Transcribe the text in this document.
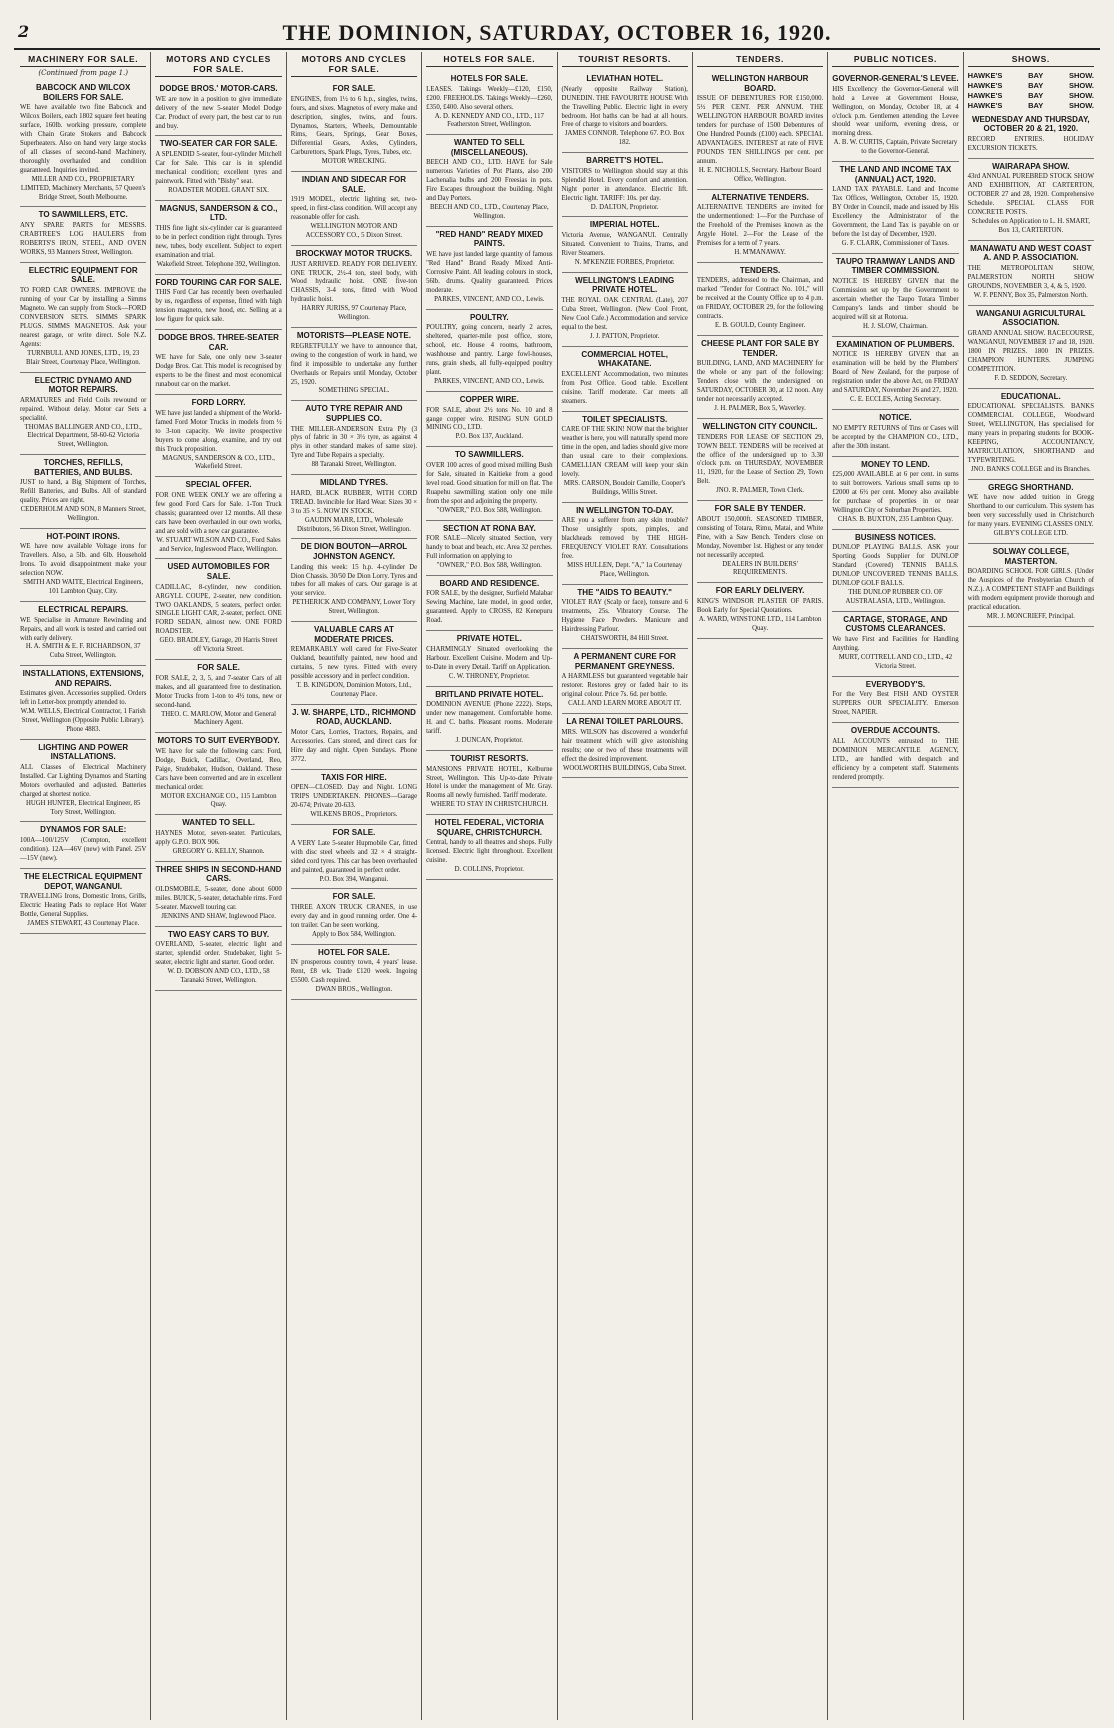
2	THE DOMINION, SATURDAY, OCTOBER 16, 1920.
MACHINERY FOR SALE.
(Continued from page 1.)
BABCOCK AND WILCOX BOILERS FOR SALE.

WE have available two fine Babcock and Wilcox Boilers, each 1802 square feet heating surface, 160lb. working pressure, complete with Chain Grate Stokers and Babcock Superheaters. Also on hand very large stocks of all classes of second-hand Machinery, thoroughly overhauled and condition guaranteed. Inquiries invited.

MILLER AND CO., PROPRIETARY LIMITED, Machinery Merchants, 57 Queen's Bridge Street, South Melbourne.
TO SAWMILLERS, ETC.

ANY SPARE PARTS for MESSRS. CRABTREE'S LOG HAULERS from ROBERTS'S IRON, STEEL, AND OVEN WORKS, 93 Manners Street, Wellington.

ELECTRIC EQUIPMENT FOR SALE.

TO FORD CAR OWNERS. IMPROVE the running of your Car by installing a Simms Magneto. We can supply from Stock—FORD CONVERSION SETS. SIMMS SPARK PLUGS. SIMMS MAGNETOS. Ask your nearest garage, or write direct. Sole N.Z. Agents:

TURNBULL AND JONES, LTD., 19, 23 Blair Street, Courtenay Place, Wellington.
ELECTRIC DYNAMO AND MOTOR REPAIRS.

ARMATURES and Field Coils rewound or repaired. Without delay. Motor car Sets a specialité.

THOMAS BALLINGER AND CO., LTD., Electrical Department, 58-60-62 Victoria Street, Wellington.
TORCHES, REFILLS, BATTERIES, AND BULBS.

JUST to hand, a Big Shipment of Torches, Refill Batteries, and Bulbs. All of standard quality. Prices are right.

CEDERHOLM AND SON, 8 Manners Street, Wellington.
HOT-POINT IRONS.

WE have now available Voltage irons for Travellers. Also, a 5lb. and 6lb. Household Irons. To avoid disappointment make your selection NOW.

SMITH AND WAITE, Electrical Engineers, 101 Lambton Quay, City.
ELECTRICAL REPAIRS.

WE Specialise in Armature Rewinding and Repairs, and all work is tested and carried out with early delivery.

H. A. SMITH & E. F. RICHARDSON, 37 Cuba Street, Wellington.
INSTALLATIONS, EXTENSIONS, AND REPAIRS.

Estimates given. Accessories supplied. Orders left in Letter-box promptly attended to.

W.M. WELLS, Electrical Contractor, 1 Farish Street, Wellington (Opposite Public Library). Phone 4883.
LIGHTING AND POWER INSTALLATIONS.

ALL Classes of Electrical Machinery Installed. Car Lighting Dynamos and Starting Motors overhauled and adjusted. Batteries charged at shortest notice.

HUGH HUNTER, Electrical Engineer, 85 Tory Street, Wellington.
DYNAMOS FOR SALE:

100A—100/125V (Compton, excellent condition). 12A—46V (new) with Panel. 25V—15V (new).

THE ELECTRICAL EQUIPMENT DEPOT, WANGANUI.

TRAVELLING Irons, Domestic Irons, Grills, Electric Heating Pads to replace Hot Water Bottle, General Supplies.

JAMES STEWART, 43 Courtenay Place.
MOTORS AND CYCLES FOR SALE.
DODGE BROS.' MOTOR-CARS.

WE are now in a position to give immediate delivery of the new 5-seater Model Dodge Car. Product of every part, the best car to run and buy.

TWO-SEATER CAR FOR SALE.

A SPLENDID 5-seater, four-cylinder Mitchell Car for Sale. This car is in splendid mechanical condition; excellent tyres and paintwork. Fitted with "Bishy" seat.

ROADSTER MODEL GRANT SIX.
MAGNUS, SANDERSON & CO., LTD.

THIS fine light six-cylinder car is guaranteed to be in perfect condition right through. Tyres new, tubes, body excellent. Subject to expert examination and trial.

Wakefield Street. Telephone 392, Wellington.
FORD TOURING CAR FOR SALE.

THIS Ford Car has recently been overhauled by us, regardless of expense, fitted with high tension magneto, new hood, etc. Selling at a low figure for quick sale.

DODGE BROS. THREE-SEATER CAR.

WE have for Sale, one only new 3-seater Dodge Bros. Car. This model is recognised by experts to be the finest and most economical runabout car on the market.

FORD LORRY.

WE have just landed a shipment of the World-famed Ford Motor Trucks in models from ½ to 3-ton capacity. We invite prospective buyers to come along, examine, and try out this Truck proposition.

MAGNUS, SANDERSON & CO., LTD., Wakefield Street.
SPECIAL OFFER.

FOR ONE WEEK ONLY we are offering a few good Ford Cars for Sale. 1-Ton Truck chassis; guaranteed over 12 months. All these cars have been overhauled in our own works, and are sold with a new car guarantee.

W. STUART WILSON AND CO., Ford Sales and Service, Ingleswood Place, Wellington.
USED AUTOMOBILES FOR SALE.

CADILLAC, 8-cylinder, new condition. ARGYLL COUPE, 2-seater, new condition. TWO OAKLANDS, 5 seaters, perfect order. SINGLE LIGHT CAR, 2-seater, perfect. ONE FORD SEDAN, almost new. ONE FORD ROADSTER.

GEO. BRADLEY, Garage, 20 Harris Street off Victoria Street.
FOR SALE.

FOR SALE, 2, 3, 5, and 7-seater Cars of all makes, and all guaranteed free to destination. Motor Trucks from 1-ton to 4½ tons, new or second-hand.

THEO. C. MARLOW, Motor and General Machinery Agent.
MOTORS TO SUIT EVERYBODY.

WE have for sale the following cars: Ford, Dodge, Buick, Cadillac, Overland, Reo, Paige, Studebaker, Hudson, Oakland. These Cars have been converted and are in excellent mechanical order.

MOTOR EXCHANGE CO., 115 Lambton Quay.
WANTED TO SELL.

HAYNES Motor, seven-seater. Particulars, apply G.P.O. BOX 906.

GREGORY G. KELLY, Shannon.
THREE SHIPS IN SECOND-HAND CARS.

OLDSMOBILE, 5-seater, done about 6000 miles. BUICK, 5-seater, detachable rims. Ford 5-seater. Maxwell touring car.

JENKINS AND SHAW, Inglewood Place.
TWO EASY CARS TO BUY.

OVERLAND, 5-seater, electric light and starter, splendid order. Studebaker, light 5-seater, electric light and starter. Good order.

W. D. DOBSON AND CO., LTD., 58 Taranaki Street, Wellington.
MOTORS AND CYCLES FOR SALE.
FOR SALE.

ENGINES, from 1½ to 6 h.p., singles, twins, fours, and sixes. Magnetos of every make and description, singles, twins, and fours. Dynamos, Starters, Wheels, Demountable Rims, Gears, Springs, Gear Boxes, Differential Gears, Axles, Cylinders, Carburettors, Spark Plugs, Tyres, Tubes, etc.

MOTOR WRECKING.
INDIAN AND SIDECAR FOR SALE.

1919 MODEL, electric lighting set, two-speed, in first-class condition. Will accept any reasonable offer for cash.

WELLINGTON MOTOR AND ACCESSORY CO., 5 Dixon Street.
BROCKWAY MOTOR TRUCKS.

JUST ARRIVED. READY FOR DELIVERY. ONE TRUCK, 2½-4 ton, steel body, with Wood hydraulic hoist. ONE five-ton CHASSIS, 3-4 tons, fitted with Wood hydraulic hoist.

HARRY JURISS, 97 Courtenay Place, Wellington.
MOTORISTS—PLEASE NOTE.

REGRETFULLY we have to announce that, owing to the congestion of work in hand, we find it impossible to undertake any further Overhauls or Repairs until Monday, October 25, 1920.

SOMETHING SPECIAL.
AUTO TYRE REPAIR AND SUPPLIES CO.

THE MILLER-ANDERSON Extra Ply (3 plys of fabric in 30 × 3½ tyre, as against 4 plys in other standard makes of same size). Tyre and Tube Repairs a specialty.

88 Taranaki Street, Wellington.
MIDLAND TYRES.

HARD, BLACK RUBBER, WITH CORD TREAD. Invincible for Hard Wear. Sizes 30 × 3 to 35 × 5. NOW IN STOCK.

GAUDIN MARR, LTD., Wholesale Distributors, 56 Dixon Street, Wellington.
DE DION BOUTON—ARROL JOHNSTON AGENCY.

Landing this week: 15 h.p. 4-cylinder De Dion Chassis. 30/50 De Dion Lorry. Tyres and tubes for all makes of cars. Our garage is at your service.

PETHERICK AND COMPANY, Lower Tory Street, Wellington.
VALUABLE CARS AT MODERATE PRICES.

REMARKABLY well cared for Five-Seater Oakland, beautifully painted, new hood and curtains, 5 new tyres. Fitted with every possible accessory and in perfect condition.

T. B. KINGDON, Dominion Motors, Ltd., Courtenay Place.
J. W. SHARPE, LTD., RICHMOND ROAD, AUCKLAND.

Motor Cars, Lorries, Tractors, Repairs, and Accessories. Cars stored, and direct cars for Hire day and night. Open Sundays. Phone 3772.

TAXIS FOR HIRE.

OPEN—CLOSED. Day and Night. LONG TRIPS UNDERTAKEN. PHONES—Garage 20-674; Private 20-633.

WILKENS BROS., Proprietors.
FOR SALE.

A VERY Late 5-seater Hupmobile Car, fitted with disc steel wheels and 32 × 4 straight-sided cord tyres. This car has been overhauled and painted, guaranteed in perfect order.

P.O. Box 394, Wanganui.
FOR SALE.

THREE AXON TRUCK CRANES, in use every day and in good running order. One 4-ton trailer. Can be seen working.

Apply to Box 584, Wellington.
HOTEL FOR SALE.

IN prosperous country town, 4 years' lease. Rent, £8 wk. Trade £120 week. Ingoing £5500. Cash required.

DWAN BROS., Wellington.
HOTELS FOR SALE.
HOTELS FOR SALE.

LEASES. Takings Weekly—£120, £150, £200. FREEHOLDS. Takings Weekly—£260, £350, £400. Also several others.

A. D. KENNEDY AND CO., LTD., 117 Featherston Street, Wellington.
WANTED TO SELL (MISCELLANEOUS).

BEECH AND CO., LTD. HAVE for Sale numerous Varieties of Pot Plants, also 200 Lachenalia bulbs and 200 Freesias in pots. Fire Escapes throughout the building. Night and Day Porters.

BEECH AND CO., LTD., Courtenay Place, Wellington.
"RED HAND" READY MIXED PAINTS.

WE have just landed large quantity of famous "Red Hand" Brand Ready Mixed Anti-Corrosive Paint. All leading colours in stock, 56lb. drums. Quality guaranteed. Prices moderate.

PARKES, VINCENT, AND CO., Lewis.
POULTRY.

POULTRY, going concern, nearly 2 acres, sheltered, quarter-mile post office, store, school, etc. House 4 rooms, bathroom, washhouse and pantry. Large fowl-houses, runs, grain sheds, all fully-equipped poultry plant.

PARKES, VINCENT, AND CO., Lewis.
COPPER WIRE.

FOR SALE, about 2½ tons No. 10 and 8 gauge copper wire. RISING SUN GOLD MINING CO., LTD.

P.O. Box 137, Auckland.
TO SAWMILLERS.

OVER 100 acres of good mixed milling Bush for Sale, situated in Kaitieke from a good level road. Good situation for mill on flat. The Ruapehu sawmilling station only one mile from the spot and adjoining the property.

"OWNER," P.O. Box 588, Wellington.
SECTION AT RONA BAY.

FOR SALE—Nicely situated Section, very handy to boat and beach, etc. Area 32 perches. Full information on applying to

"OWNER," P.O. Box 588, Wellington.
BOARD AND RESIDENCE.

FOR SALE, by the designer, Surfield Malabar Sewing Machine, late model, in good order, guaranteed. Apply to CROSS, 82 Kenepuru Road.

PRIVATE HOTEL.

CHARMINGLY Situated overlooking the Harbour. Excellent Cuisine. Modern and Up-to-Date in every Detail. Tariff on Application.

C. W. THRONEY, Proprietor.
BRITLAND PRIVATE HOTEL.

DOMINION AVENUE (Phone 2222). Steps, under new management. Comfortable home. H. and C. baths. Pleasant rooms. Moderate tariff.

J. DUNCAN, Proprietor.
TOURIST RESORTS.

MANSIONS PRIVATE HOTEL, Kelburne Street, Wellington. This Up-to-date Private Hotel is under the management of Mr. Gray. Rooms all newly furnished. Tariff moderate.

WHERE TO STAY IN CHRISTCHURCH.
HOTEL FEDERAL, VICTORIA SQUARE, CHRISTCHURCH.

Central, handy to all theatres and shops. Fully licensed. Electric light throughout. Excellent cuisine.

D. COLLINS, Proprietor.
TOURIST RESORTS.
LEVIATHAN HOTEL.

(Nearly opposite Railway Station), DUNEDIN. THE FAVOURITE HOUSE With the Travelling Public. Electric light in every bedroom. Hot baths can be had at all hours. Free of charge to visitors and boarders.

JAMES CONNOR. Telephone 67. P.O. Box 182.
BARRETT'S HOTEL.

VISITORS to Wellington should stay at this Splendid Hotel. Every comfort and attention. Night porter in attendance. Electric lift. Electric light. TARIFF: 10s. per day.

D. DALTON, Proprietor.
IMPERIAL HOTEL.

Victoria Avenue, WANGANUI. Centrally Situated. Convenient to Trains, Trams, and River Steamers.

N. M'KENZIE FORBES, Proprietor.
WELLINGTON'S LEADING PRIVATE HOTEL.

THE ROYAL OAK CENTRAL (Late), 207 Cuba Street, Wellington. (New Cool Front, New Cool Cafe.) Accommodation and service equal to the best.

J. J. PATTON, Proprietor.
COMMERCIAL HOTEL, WHAKATANE.

EXCELLENT Accommodation, two minutes from Post Office. Good table. Excellent cuisine. Tariff moderate. Car meets all steamers.

TOILET SPECIALISTS.

CARE OF THE SKIN! NOW that the brighter weather is here, you will naturally spend more time in the open, and ladies should give more than usual care to their complexions. CAMELLIAN CREAM will keep your skin lovely.

MRS. CARSON, Boudoir Camille, Cooper's Buildings, Willis Street.
IN WELLINGTON TO-DAY.

ARE you a sufferer from any skin trouble? Those unsightly spots, pimples, and blackheads removed by THE HIGH-FREQUENCY VIOLET RAY. Consultations free.

MISS HULLEN, Dept. "A," 1a Courtenay Place, Wellington.
THE "AIDS TO BEAUTY."

VIOLET RAY (Scalp or face), tonsure and 6 treatments, 25s. Vibratory Course. The Hygiene Face Powders. Manicure and Hairdressing Parlour.

CHATSWORTH, 84 Hill Street.
A PERMANENT CURE FOR PERMANENT GREYNESS.

A HARMLESS but guaranteed vegetable hair restorer. Restores grey or faded hair to its original colour. Price 7s. 6d. per bottle.

CALL AND LEARN MORE ABOUT IT.
LA RENAI TOILET PARLOURS.

MRS. WILSON has discovered a wonderful hair treatment which will give astonishing results; one or two of these treatments will effect the desired improvement.

WOOLWORTHS BUILDINGS, Cuba Street.
TENDERS.
WELLINGTON HARBOUR BOARD.

ISSUE OF DEBENTURES FOR £150,000. 5½ PER CENT. PER ANNUM. THE WELLINGTON HARBOUR BOARD invites tenders for purchase of 1500 Debentures of One Hundred Pounds (£100) each. SPECIAL ADVANTAGES. INTEREST at rate of FIVE POUNDS TEN SHILLINGS per cent. per annum.

H. E. NICHOLLS, Secretary. Harbour Board Office, Wellington.
ALTERNATIVE TENDERS.

ALTERNATIVE TENDERS are invited for the undermentioned: 1—For the Purchase of the Freehold of the Premises known as the Argyle Hotel. 2—For the Lease of the Premises for a term of 7 years.

H. M'MANAWAY.
TENDERS.

TENDERS, addressed to the Chairman, and marked "Tender for Contract No. 101," will be received at the County Office up to 4 p.m. on FRIDAY, OCTOBER 29, for the following contracts.

E. B. GOULD, County Engineer.
CHEESE PLANT FOR SALE BY TENDER.

BUILDING, LAND, AND MACHINERY for the whole or any part of the following: Tenders close with the undersigned on SATURDAY, OCTOBER 30, at 12 noon. Any tender not necessarily accepted.

J. H. PALMER, Box 5, Waverley.
WELLINGTON CITY COUNCIL.

TENDERS FOR LEASE OF SECTION 29, TOWN BELT. TENDERS will be received at the office of the undersigned up to 3.30 o'clock p.m. on THURSDAY, NOVEMBER 11, 1920, for the Lease of Section 29, Town Belt.

JNO. R. PALMER, Town Clerk.
FOR SALE BY TENDER.

ABOUT 150,000ft. SEASONED TIMBER, consisting of Totara, Rimu, Matai, and White Pine, with a Saw Bench. Tenders close on Monday, November 1st. Highest or any tender not necessarily accepted.

DEALERS IN BUILDERS' REQUIREMENTS.
FOR EARLY DELIVERY.

KING'S WINDSOR PLASTER OF PARIS. Book Early for Special Quotations.

A. WARD, WINSTONE LTD., 114 Lambton Quay.
PUBLIC NOTICES.
GOVERNOR-GENERAL'S LEVEE.

HIS Excellency the Governor-General will hold a Levee at Government House, Wellington, on Monday, October 18, at 4 o'clock p.m. Gentlemen attending the Levee should wear uniform, evening dress, or morning dress.

A. B. W. CURTIS, Captain, Private Secretary to the Governor-General.
THE LAND AND INCOME TAX (ANNUAL) ACT, 1920.

LAND TAX PAYABLE. Land and Income Tax Offices, Wellington, October 15, 1920. BY Order in Council, made and issued by His Excellency the Administrator of the Government, the Land Tax is payable on or before the 1st day of December, 1920.

G. F. CLARK, Commissioner of Taxes.
TAUPO TRAMWAY LANDS AND TIMBER COMMISSION.

NOTICE IS HEREBY GIVEN that the Commission set up by the Government to ascertain whether the Taupo Totara Timber Company's lands and timber should be acquired will sit at Rotorua.

H. J. SLOW, Chairman.
EXAMINATION OF PLUMBERS.

NOTICE IS HEREBY GIVEN that an examination will be held by the Plumbers' Board of New Zealand, for the purpose of registration under the above Act, on FRIDAY and SATURDAY, November 26 and 27, 1920.

C. E. ECCLES, Acting Secretary.
NOTICE.

NO EMPTY RETURNS of Tins or Cases will be accepted by the CHAMPION CO., LTD., after the 30th instant.

MONEY TO LEND.

£25,000 AVAILABLE at 6 per cent. in sums to suit borrowers. Various small sums up to £2000 at 6½ per cent. Money also available for purchase of properties in or near Wellington City or Suburban Properties.

CHAS. B. BUXTON, 235 Lambton Quay.
BUSINESS NOTICES.

DUNLOP PLAYING BALLS. ASK your Sporting Goods Supplier for DUNLOP Standard (Covered) TENNIS BALLS. DUNLOP UNCOVERED TENNIS BALLS. DUNLOP GOLF BALLS.

THE DUNLOP RUBBER CO. OF AUSTRALASIA, LTD., Wellington.
CARTAGE, STORAGE, AND CUSTOMS CLEARANCES.

We have First and Facilities for Handling Anything.

MURT, COTTRELL AND CO., LTD., 42 Victoria Street.
EVERYBODY'S.

For the Very Best FISH AND OYSTER SUPPERS OUR SPECIALITY. Emerson Street, NAPIER.

OVERDUE ACCOUNTS.

ALL ACCOUNTS entrusted to THE DOMINION MERCANTILE AGENCY, LTD., are handled with despatch and efficiency by a competent staff. Statements rendered promptly.

SHOWS.
HAWKE'S	BAY	SHOW.
HAWKE'S	BAY	SHOW.
HAWKE'S	BAY	SHOW.
HAWKE'S	BAY	SHOW.
WEDNESDAY AND THURSDAY, OCTOBER 20 & 21, 1920.

RECORD ENTRIES. HOLIDAY EXCURSION TICKETS.

WAIRARAPA SHOW.

43rd ANNUAL PUREBRED STOCK SHOW AND EXHIBITION, AT CARTERTON, OCTOBER 27 and 28, 1920. Comprehensive Schedule. SPECIAL CLASS FOR CONCRETE POSTS.

Schedules on Application to L. H. SMART, Box 13, CARTERTON.
MANAWATU AND WEST COAST A. AND P. ASSOCIATION.

THE METROPOLITAN SHOW, PALMERSTON NORTH SHOW GROUNDS, NOVEMBER 3, 4, & 5, 1920.

W. F. PENNY, Box 35, Palmerston North.
WANGANUI AGRICULTURAL ASSOCIATION.

GRAND ANNUAL SHOW. RACECOURSE, WANGANUI, NOVEMBER 17 and 18, 1920. 1800 IN PRIZES. 1800 IN PRIZES. CHAMPION HUNTERS. JUMPING COMPETITION.

F. D. SEDDON, Secretary.
EDUCATIONAL.

EDUCATIONAL SPECIALISTS. BANKS COMMERCIAL COLLEGE, Woodward Street, WELLINGTON, Has specialised for many years in preparing students for BOOK-KEEPING, ACCOUNTANCY, MATRICULATION, SHORTHAND and TYPEWRITING.

JNO. BANKS COLLEGE and its Branches.
GREGG SHORTHAND.

WE have now added tuition in Gregg Shorthand to our curriculum. This system has been very successfully used in Christchurch for many years. EVENING CLASSES ONLY.

GILBY'S COLLEGE LTD.
SOLWAY COLLEGE, MASTERTON.

BOARDING SCHOOL FOR GIRLS. (Under the Auspices of the Presbyterian Church of N.Z.). A COMPETENT STAFF and Buildings with modern equipment provide thorough and practical education.

MR. J. MONCRIEFF, Principal.
